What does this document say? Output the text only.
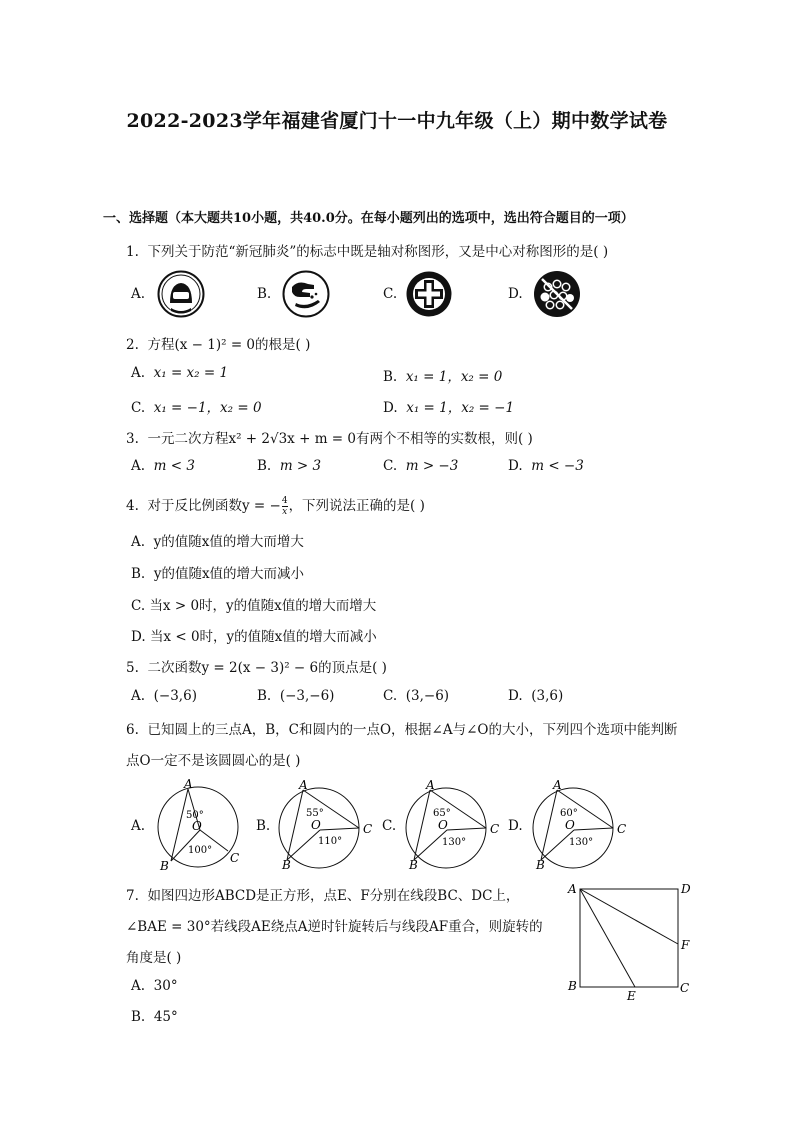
2022-2023学年福建省厦门十一中九年级（上）期中数学试卷
一、选择题（本大题共10小题，共40.0分。在每小题列出的选项中，选出符合题目的一项）
1. 下列关于防范“新冠肺炎”的标志中既是轴对称图形，又是中心对称图形的是( )
A.	B.	C.	D.
2. 方程(x − 1)² = 0的根是( )
A. x₁ = x₂ = 1	B. x₁ = 1，x₂ = 0
C. x₁ = −1，x₂ = 0	D. x₁ = 1，x₂ = −1
3. 一元二次方程x² + 2√3x + m = 0有两个不相等的实数根，则( )
A. m < 3	B. m > 3	C. m > −3	D. m < −3
4. 对于反比例函数y = − $\frac{4}{x}$ ，下列说法正确的是( )
A. y的值随x值的增大而增大
B. y的值随x值的增大而减小
C. 当x > 0时，y的值随x值的增大而增大
D. 当x < 0时，y的值随x值的增大而减小
5. 二次函数y = 2(x − 3)² − 6的顶点是( )
A. (−3,6)	B. (−3,−6)	C. (3,−6)	D. (3,6)
6. 已知圆上的三点A，B，C和圆内的一点O，根据∠A与∠O的大小，下列四个选项中能判断
点O一定不是该圆圆心的是( )
A.
A
B
C
O
50°
100°
B.
A
B
C
O
55°
110°
C.
A
B
C
O
65°
130°
D.
A
B
C
O
60°
130°
7. 如图四边形ABCD是正方形，点E、F分别在线段BC、DC上，
∠BAE = 30°若线段AE绕点A逆时针旋转后与线段AF重合，则旋转的
角度是( )
A. 30°
B. 45°
A	D
F
B	C
E
